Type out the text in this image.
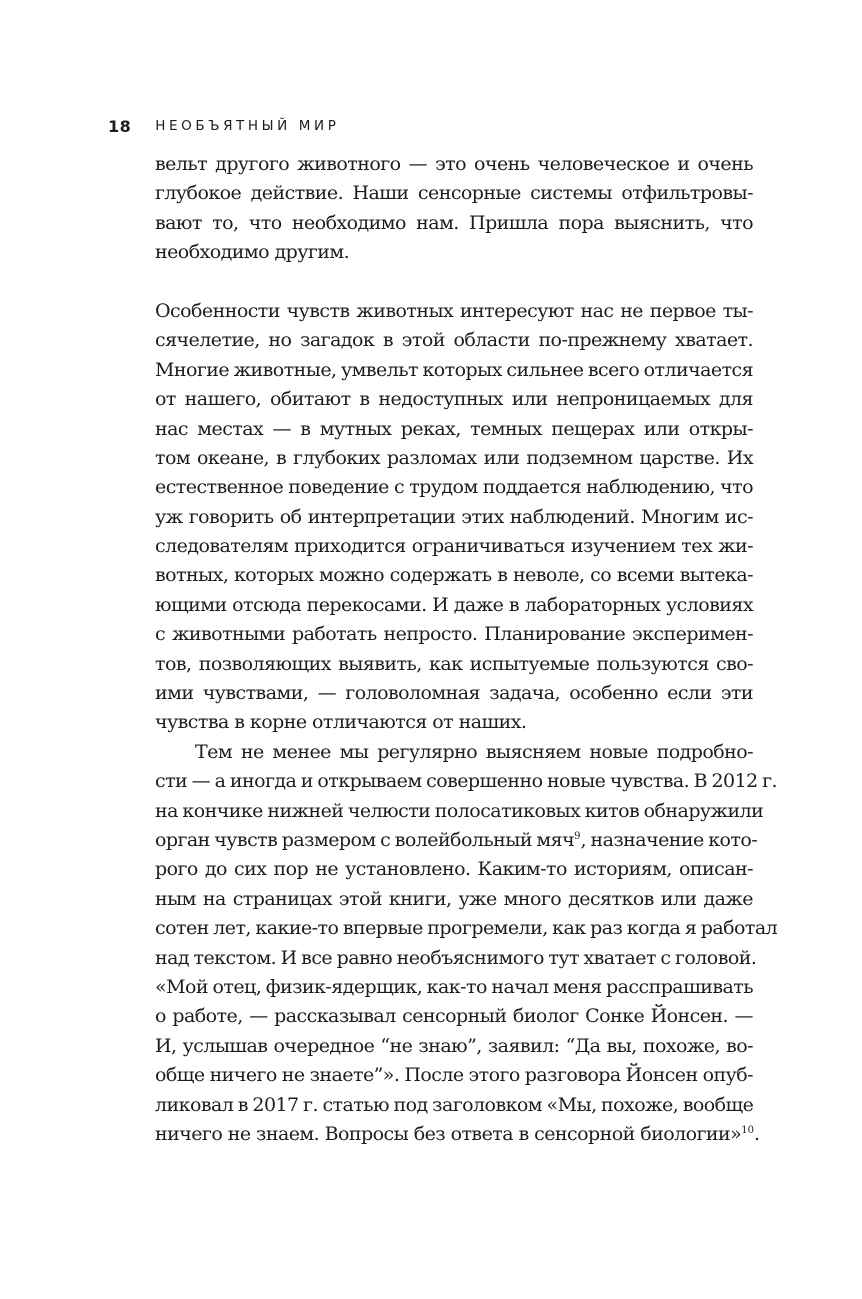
18 НЕОБЪЯТНЫЙ МИР
вельт другого животного — это очень человеческое и очень
глубокое действие. Наши сенсорные системы отфильтровы-
вают то, что необходимо нам. Пришла пора выяснить, что
необходимо другим.
Особенности чувств животных интересуют нас не первое ты-
сячелетие, но загадок в этой области по-прежнему хватает.
Многие животные, умвельт которых сильнее всего отличается
от нашего, обитают в недоступных или непроницаемых для
нас местах — в мутных реках, темных пещерах или откры-
том океане, в глубоких разломах или подземном царстве. Их
естественное поведение с трудом поддается наблюдению, что
уж говорить об интерпретации этих наблюдений. Многим ис-
следователям приходится ограничиваться изучением тех жи-
вотных, которых можно содержать в неволе, со всеми вытека-
ющими отсюда перекосами. И даже в лабораторных условиях
с животными работать непросто. Планирование эксперимен-
тов, позволяющих выявить, как испытуемые пользуются сво-
ими чувствами, — головоломная задача, особенно если эти
чувства в корне отличаются от наших.
Тем не менее мы регулярно выясняем новые подробно-
сти — а иногда и открываем совершенно новые чувства. В 2012 г.
на кончике нижней челюсти полосатиковых китов обнаружили
орган чувств размером с волейбольный мяч$^9$, назначение кото-
рого до сих пор не установлено. Каким-то историям, описан-
ным на страницах этой книги, уже много десятков или даже
сотен лет, какие-то впервые прогремели, как раз когда я работал
над текстом. И все равно необъяснимого тут хватает с головой.
«Мой отец, физик-ядерщик, как-то начал меня расспрашивать
о работе, — рассказывал сенсорный биолог Сонке Йонсен. —
И, услышав очередное “не знаю”, заявил: “Да вы, похоже, во-
обще ничего не знаете”». После этого разговора Йонсен опуб-
ликовал в 2017 г. статью под заголовком «Мы, похоже, вообще
ничего не знаем. Вопросы без ответа в сенсорной биологии»$^{10}$.
